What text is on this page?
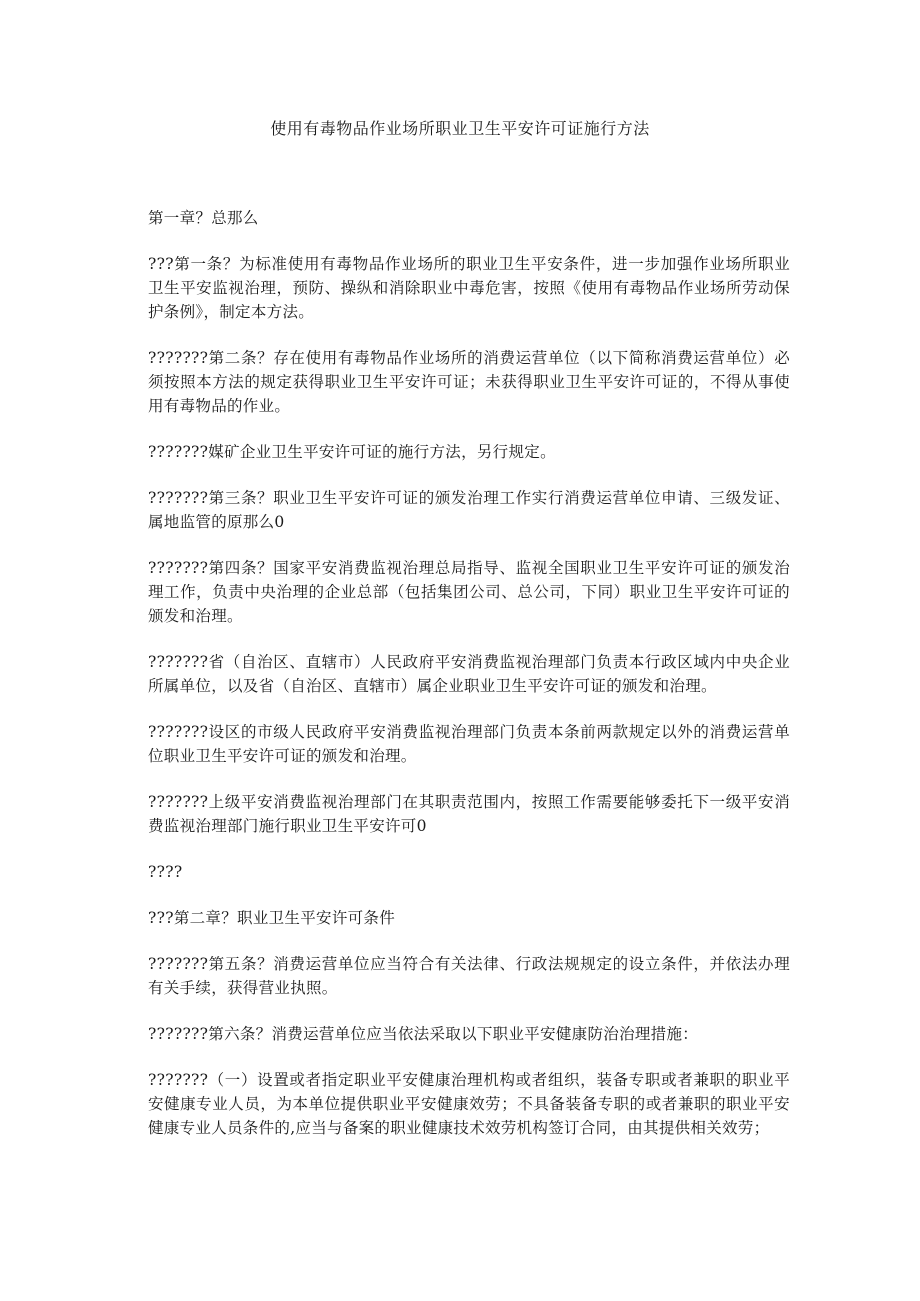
使用有毒物品作业场所职业卫生平安许可证施行方法

第一章？总那么

???第一条？为标准使用有毒物品作业场所的职业卫生平安条件，进一步加强作业场所职业卫生平安监视治理，预防、操纵和消除职业中毒危害，按照《使用有毒物品作业场所劳动保护条例》，制定本方法。

???????第二条？存在使用有毒物品作业场所的消费运营单位（以下简称消费运营单位）必须按照本方法的规定获得职业卫生平安许可证；未获得职业卫生平安许可证的，不得从事使用有毒物品的作业。

???????媒矿企业卫生平安许可证的施行方法，另行规定。

???????第三条？职业卫生平安许可证的颁发治理工作实行消费运营单位申请、三级发证、属地监管的原那么0

???????第四条？国家平安消费监视治理总局指导、监视全国职业卫生平安许可证的颁发治理工作，负责中央治理的企业总部（包括集团公司、总公司，下同）职业卫生平安许可证的颁发和治理。

???????省（自治区、直辖市）人民政府平安消费监视治理部门负责本行政区域内中央企业所属单位，以及省（自治区、直辖市）属企业职业卫生平安许可证的颁发和治理。

???????设区的市级人民政府平安消费监视治理部门负责本条前两款规定以外的消费运营单位职业卫生平安许可证的颁发和治理。

???????上级平安消费监视治理部门在其职责范围内，按照工作需要能够委托下一级平安消费监视治理部门施行职业卫生平安许可0

????

???第二章？职业卫生平安许可条件

???????第五条？消费运营单位应当符合有关法律、行政法规规定的设立条件，并依法办理有关手续，获得营业执照。

???????第六条？消费运营单位应当依法采取以下职业平安健康防治治理措施：

???????（一）设置或者指定职业平安健康治理机构或者组织，装备专职或者兼职的职业平安健康专业人员，为本单位提供职业平安健康效劳；不具备装备专职的或者兼职的职业平安健康专业人员条件的,应当与备案的职业健康技术效劳机构签订合同，由其提供相关效劳；
